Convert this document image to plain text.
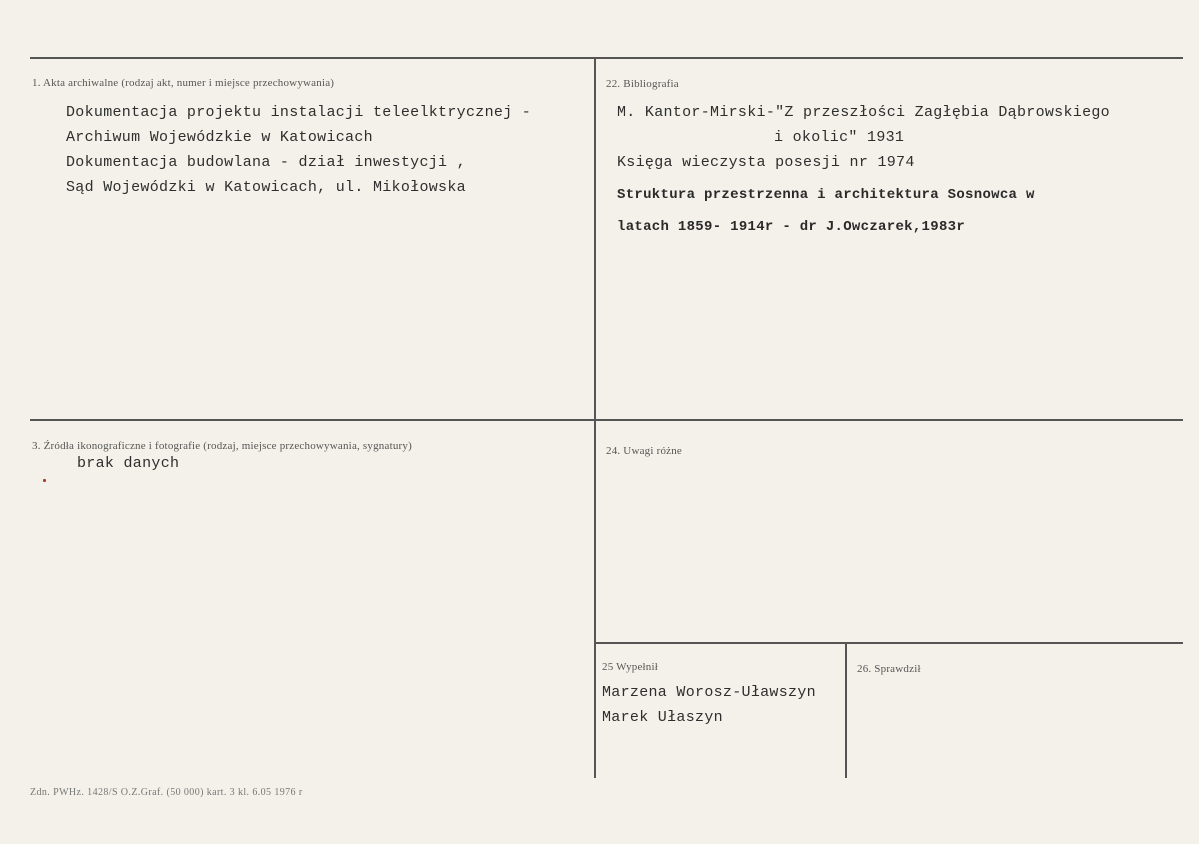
1. Akta archiwalne (rodzaj akt, numer i miejsce przechowywania)
Dokumentacja projektu instalacji teleelktrycznej -
Archiwum Wojewódzkie w Katowicach
Dokumentacja budowlana - dział inwestycji ,
Sąd Wojewódzki w Katowicach, ul. Mikołowska
22. Bibliografia
M. Kantor-Mirski-"Z przeszłości Zagłębia Dąbrowskiego
i okolic" 1931
Księga wieczysta posesji nr 1974
Struktura przestrzenna i architektura Sosnowca w
latach 1859- 1914r - dr J.Owczarek,1983r
3. Źródła ikonograficzne i fotografie (rodzaj, miejsce przechowywania, sygnatury)
brak danych
24. Uwagi różne
25 Wypełnił
Marzena Worosz-Uławszyn
Marek Ułaszyn
26. Sprawdził
Zdn. PWHz. 1428/S O.Z.Graf. (50 000) kart. 3 kl. 6.05 1976 r
